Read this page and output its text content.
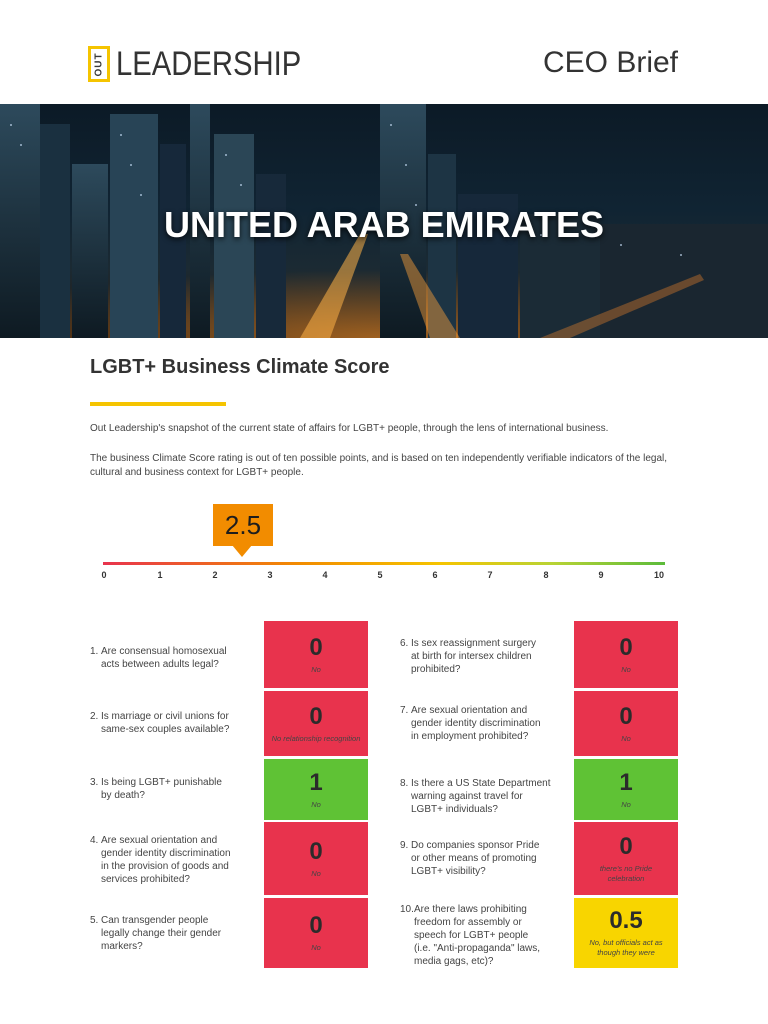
OUT LEADERSHIP	CEO Brief
UNITED ARAB EMIRATES
LGBT+ Business Climate Score
Out Leadership's snapshot of the current state of affairs for LGBT+ people, through the lens of international business.
The business Climate Score rating is out of ten possible points, and is based on ten independently verifiable indicators of the legal, cultural and business context for LGBT+ people.
2.5
0	1	2	3	4	5	6	7	8	9	10
1. Are consensual homosexual
acts between adults legal?
0
No
2. Is marriage or civil unions for
same-sex couples available?	0
No relationship recognition
3. Is being LGBT+ punishable
by death?	1
No
4. Are sexual orientation and
gender identity discrimination
in the provision of goods and
services prohibited?
0
No
5. Can transgender people
legally change their gender
markers?
0
No
6. Is sex reassignment surgery
at birth for intersex children
prohibited?
0
No
7. Are sexual orientation and
gender identity discrimination
in employment prohibited?
0
No
8. Is there a US State Department
warning against travel for
LGBT+ individuals?
1
No
9. Do companies sponsor Pride
or other means of promoting
LGBT+ visibility?
0
there's no Pride celebration
10. Are there laws prohibiting
freedom for assembly or
speech for LGBT+ people
(i.e. "Anti-propaganda" laws,
media gags, etc)?
0.5
No, but officials act as though they were
